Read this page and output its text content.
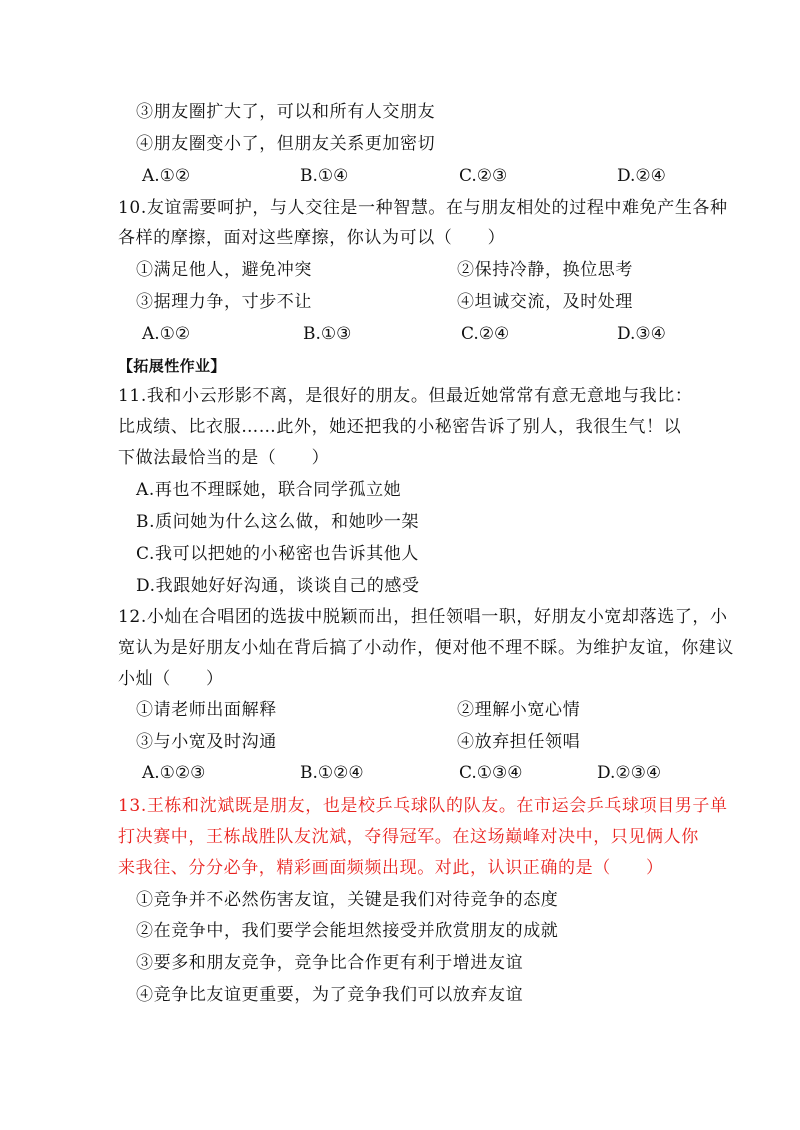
③朋友圈扩大了，可以和所有人交朋友
④朋友圈变小了，但朋友关系更加密切
A.①②	B.①④	C.②③	D.②④
10.友谊需要呵护，与人交往是一种智慧。在与朋友相处的过程中难免产生各种
各样的摩擦，面对这些摩擦，你认为可以（　　）
①满足他人，避免冲突	②保持冷静，换位思考
③据理力争，寸步不让	④坦诚交流，及时处理
A.①②	B.①③	C.②④	D.③④
【拓展性作业】
11.我和小云形影不离，是很好的朋友。但最近她常常有意无意地与我比：
比成绩、比衣服……此外，她还把我的小秘密告诉了别人，我很生气！以
下做法最恰当的是（　　）
A.再也不理睬她，联合同学孤立她
B.质问她为什么这么做，和她吵一架
C.我可以把她的小秘密也告诉其他人
D.我跟她好好沟通，谈谈自己的感受
12.小灿在合唱团的选拔中脱颖而出，担任领唱一职，好朋友小宽却落选了，小
宽认为是好朋友小灿在背后搞了小动作，便对他不理不睬。为维护友谊，你建议
小灿（　　）
①请老师出面解释	②理解小宽心情
③与小宽及时沟通	④放弃担任领唱
A.①②③	B.①②④	C.①③④	D.②③④
13.王栋和沈斌既是朋友，也是校乒乓球队的队友。在市运会乒乓球项目男子单
打决赛中，王栋战胜队友沈斌，夺得冠军。在这场巅峰对决中，只见俩人你
来我往、分分必争，精彩画面频频出现。对此，认识正确的是（　　）
①竞争并不必然伤害友谊，关键是我们对待竞争的态度
②在竞争中，我们要学会能坦然接受并欣赏朋友的成就
③要多和朋友竞争，竞争比合作更有利于增进友谊
④竞争比友谊更重要，为了竞争我们可以放弃友谊
